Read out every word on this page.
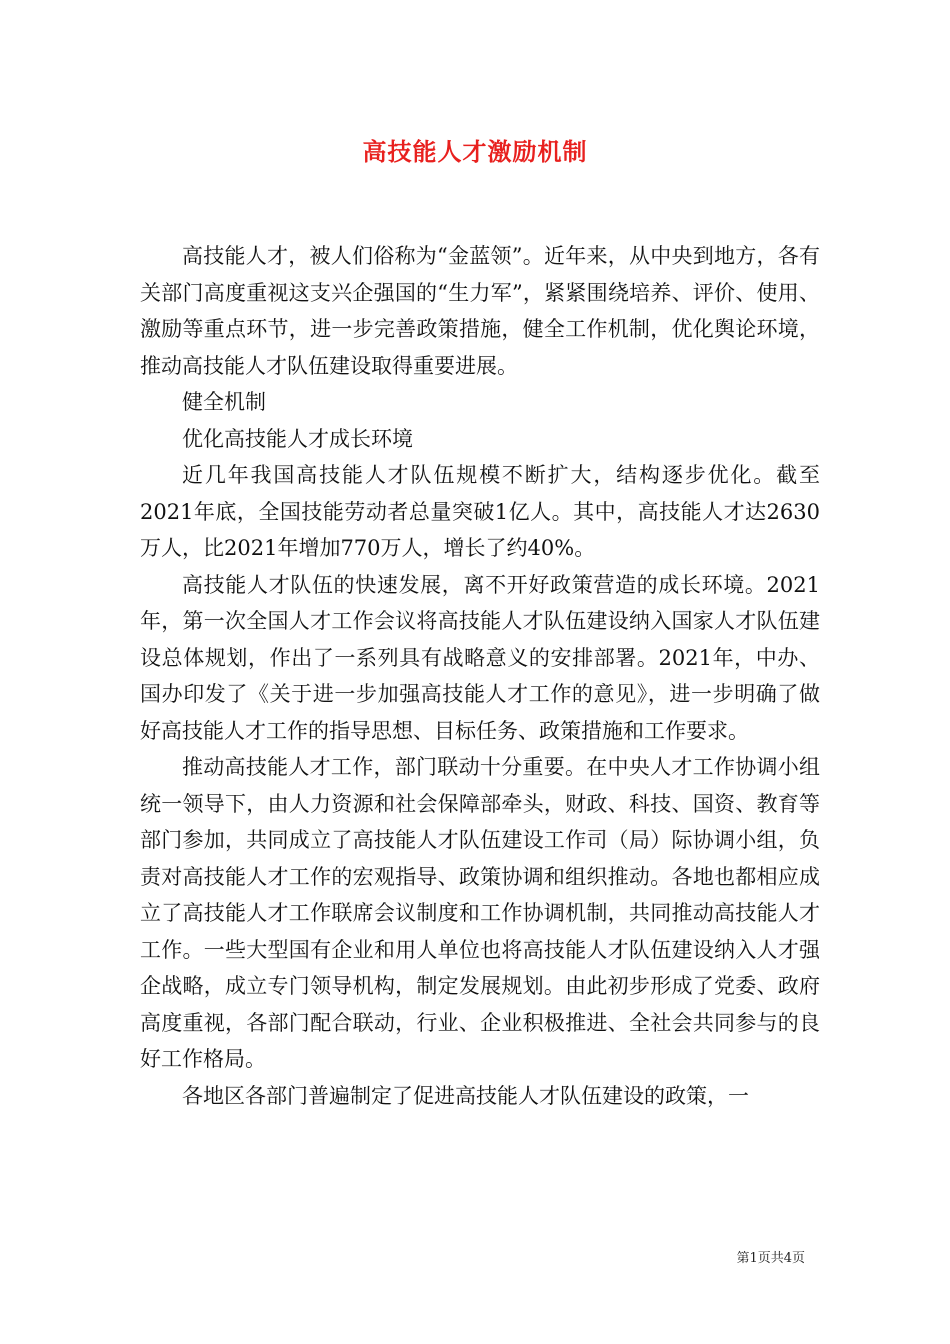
高技能人才激励机制

高技能人才，被人们俗称为“金蓝领”。近年来，从中央到地方，各有关部门高度重视这支兴企强国的“生力军”，紧紧围绕培养、评价、使用、激励等重点环节，进一步完善政策措施，健全工作机制，优化舆论环境，推动高技能人才队伍建设取得重要进展。

健全机制

优化高技能人才成长环境

近几年我国高技能人才队伍规模不断扩大，结构逐步优化。截至2021年底，全国技能劳动者总量突破1亿人。其中，高技能人才达2630万人，比2021年增加770万人，增长了约40%。

高技能人才队伍的快速发展，离不开好政策营造的成长环境。2021年，第一次全国人才工作会议将高技能人才队伍建设纳入国家人才队伍建设总体规划，作出了一系列具有战略意义的安排部署。2021年，中办、国办印发了《关于进一步加强高技能人才工作的意见》，进一步明确了做好高技能人才工作的指导思想、目标任务、政策措施和工作要求。

推动高技能人才工作，部门联动十分重要。在中央人才工作协调小组统一领导下，由人力资源和社会保障部牵头，财政、科技、国资、教育等部门参加，共同成立了高技能人才队伍建设工作司（局）际协调小组，负责对高技能人才工作的宏观指导、政策协调和组织推动。各地也都相应成立了高技能人才工作联席会议制度和工作协调机制，共同推动高技能人才工作。一些大型国有企业和用人单位也将高技能人才队伍建设纳入人才强企战略，成立专门领导机构，制定发展规划。由此初步形成了党委、政府高度重视，各部门配合联动，行业、企业积极推进、全社会共同参与的良好工作格局。

各地区各部门普遍制定了促进高技能人才队伍建设的政策，一

第1页共4页
